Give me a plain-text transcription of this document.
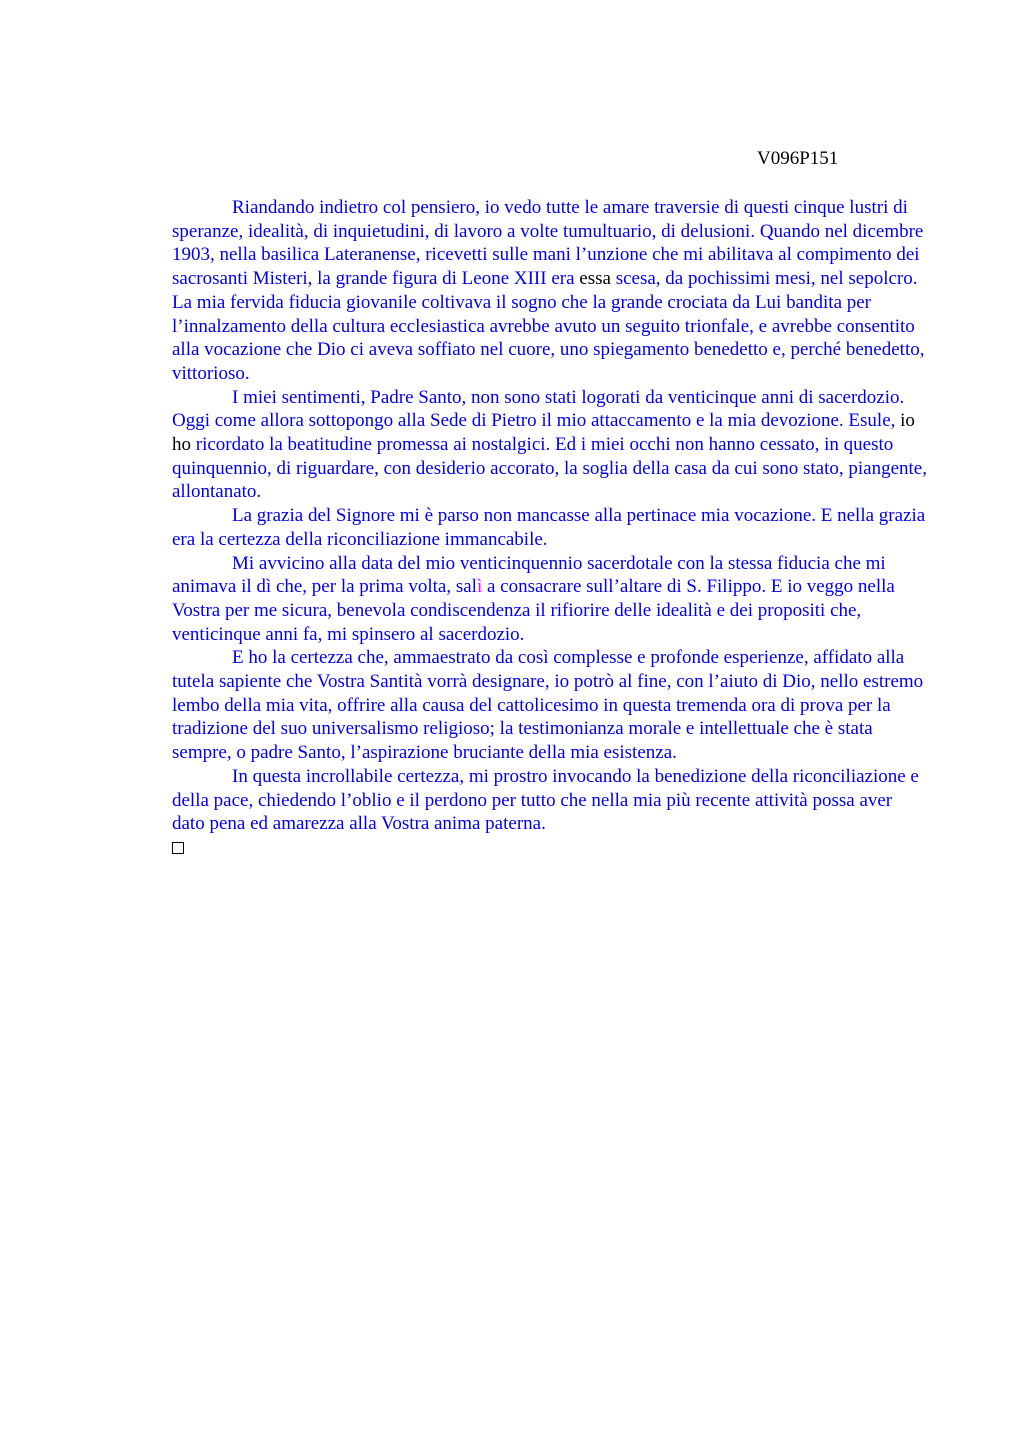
V096P151

Riandando indietro col pensiero, io vedo tutte le amare traversie di questi cinque lustri di speranze, idealità, di inquietudini, di lavoro a volte tumultuario, di delusioni. Quando nel dicembre 1903, nella basilica Lateranense, ricevetti sulle mani l’unzione che mi abilitava al compimento dei sacrosanti Misteri, la grande figura di Leone XIII era essa scesa, da pochissimi mesi, nel sepolcro. La mia fervida fiducia giovanile coltivava il sogno che la grande crociata da Lui bandita per l’innalzamento della cultura ecclesiastica avrebbe avuto un seguito trionfale, e avrebbe consentito alla vocazione che Dio ci aveva soffiato nel cuore, uno spiegamento benedetto e, perché benedetto, vittorioso.

I miei sentimenti, Padre Santo, non sono stati logorati da venticinque anni di sacerdozio. Oggi come allora sottopongo alla Sede di Pietro il mio attaccamento e la mia devozione. Esule, io ho ricordato la beatitudine promessa ai nostalgici. Ed i miei occhi non hanno cessato, in questo quinquennio, di riguardare, con desiderio accorato, la soglia della casa da cui sono stato, piangente, allontanato.

La grazia del Signore mi è parso non mancasse alla pertinace mia vocazione. E nella grazia era la certezza della riconciliazione immancabile.

Mi avvicino alla data del mio venticinquennio sacerdotale con la stessa fiducia che mi animava il dì che, per la prima volta, salì a consacrare sull’altare di S. Filippo. E io veggo nella Vostra per me sicura, benevola condiscendenza il rifiorire delle idealità e dei propositi che, venticinque anni fa, mi spinsero al sacerdozio.

E ho la certezza che, ammaestrato da così complesse e profonde esperienze, affidato alla tutela sapiente che Vostra Santità vorrà designare, io potrò al fine, con l’aiuto di Dio, nello estremo lembo della mia vita, offrire alla causa del cattolicesimo in questa tremenda ora di prova per la tradizione del suo universalismo religioso; la testimonianza morale e intellettuale che è stata sempre, o padre Santo, l’aspirazione bruciante della mia esistenza.

In questa incrollabile certezza, mi prostro invocando la benedizione della riconciliazione e della pace, chiedendo l’oblio e il perdono per tutto che nella mia più recente attività possa aver dato pena ed amarezza alla Vostra anima paterna.
